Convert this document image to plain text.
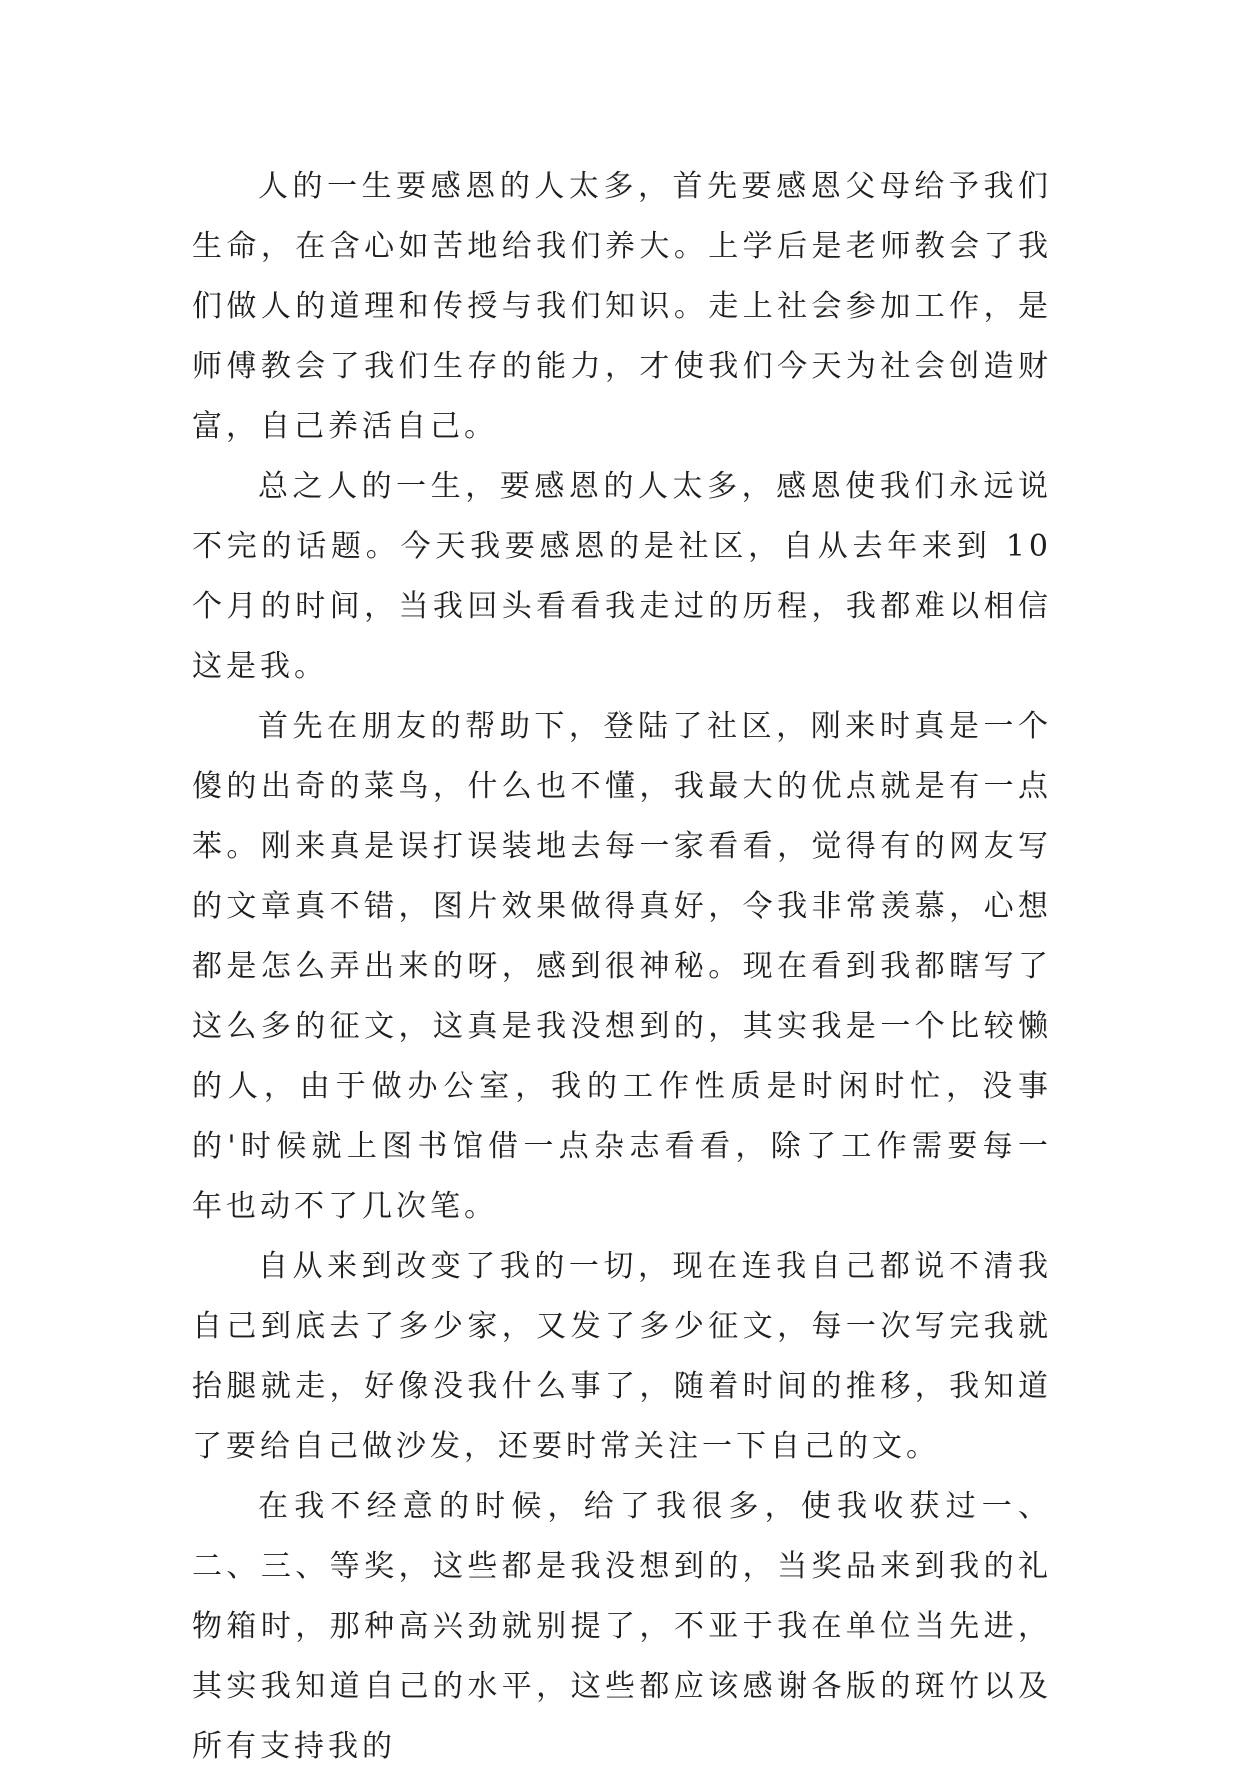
人的一生要感恩的人太多，首先要感恩父母给予我们生命，在含心如苦地给我们养大。上学后是老师教会了我们做人的道理和传授与我们知识。走上社会参加工作，是师傅教会了我们生存的能力，才使我们今天为社会创造财富，自己养活自己。

总之人的一生，要感恩的人太多，感恩使我们永远说不完的话题。今天我要感恩的是社区，自从去年来到 10 个月的时间，当我回头看看我走过的历程，我都难以相信这是我。

首先在朋友的帮助下，登陆了社区，刚来时真是一个傻的出奇的菜鸟，什么也不懂，我最大的优点就是有一点苯。刚来真是误打误装地去每一家看看，觉得有的网友写的文章真不错，图片效果做得真好，令我非常羡慕，心想都是怎么弄出来的呀，感到很神秘。现在看到我都瞎写了这么多的征文，这真是我没想到的，其实我是一个比较懒的人，由于做办公室，我的工作性质是时闲时忙，没事的'时候就上图书馆借一点杂志看看，除了工作需要每一年也动不了几次笔。

自从来到改变了我的一切，现在连我自己都说不清我自己到底去了多少家，又发了多少征文，每一次写完我就抬腿就走，好像没我什么事了，随着时间的推移，我知道了要给自己做沙发，还要时常关注一下自己的文。

在我不经意的时候，给了我很多，使我收获过一、二、三、等奖，这些都是我没想到的，当奖品来到我的礼物箱时，那种高兴劲就别提了，不亚于我在单位当先进，其实我知道自己的水平，这些都应该感谢各版的斑竹以及所有支持我的
